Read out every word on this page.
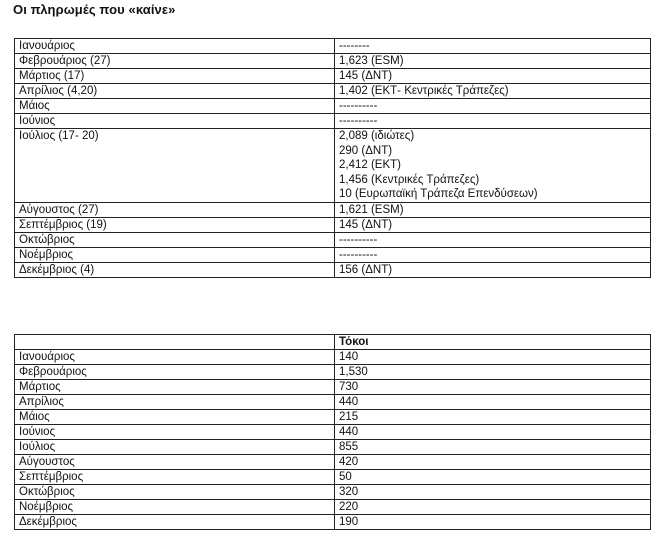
Οι πληρωμές που «καίνε»
Ιανουάριος	--------

Φεβρουάριος (27)	1,623 (ESM)

Μάρτιος (17)	145 (ΔΝΤ)

Απρίλιος (4,20)	1,402 (ΕΚΤ- Κεντρικές Τράπεζες)

Μάιος	----------

Ιούνιος	----------

Ιούλιος (17- 20)	2,089 (ιδιώτες)
290 (ΔΝΤ)
2,412 (ΕΚΤ)
1,456 (Κεντρικές Τράπεζες)
10 (Ευρωπαϊκή Τράπεζα Επενδύσεων)

Αύγουστος (27)	1,621 (ESM)

Σεπτέμβριος (19)	145 (ΔΝΤ)

Οκτώβριος	----------

Νοέμβριος	----------

Δεκέμβριος (4)	156 (ΔΝΤ)
	Τόκοι
Ιανουάριος	140
Φεβρουάριος	1,530
Μάρτιος	730
Απρίλιος	440
Μάιος	215
Ιούνιος	440
Ιούλιος	855
Αύγουστος	420
Σεπτέμβριος	50
Οκτώβριος	320
Νοέμβριος	220
Δεκέμβριος	190
